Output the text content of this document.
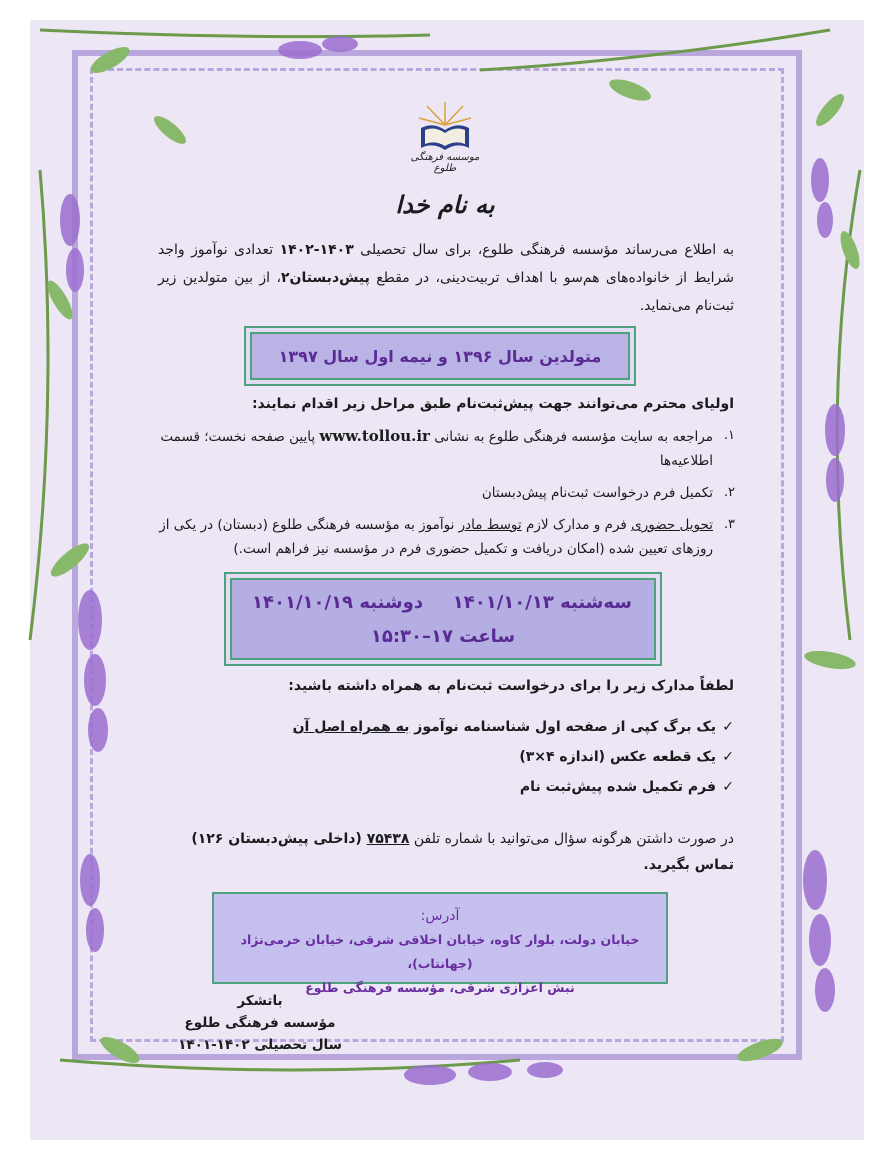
موسسه فرهنگی طلوع
به نام خدا
به اطلاع می‌رساند مؤسسه فرهنگی طلوع، برای سال تحصیلی ۱۴۰۳-۱۴۰۲ تعدادی نوآموز واجد شرایط از خانواده‌های هم‌سو با اهداف تربیت‌دینی، در مقطع پیش‌دبستان۲، از بین متولدین زیر ثبت‌نام می‌نماید.
متولدین سال ۱۳۹۶ و نیمه اول سال ۱۳۹۷
اولیای محترم می‌توانند جهت پیش‌ثبت‌نام طبق مراحل زیر اقدام نمایند:
۱.
مراجعه به سایت مؤسسه فرهنگی طلوع به نشانی www.tollou.ir پایین صفحه نخست؛ قسمت اطلاعیه‌ها
۲.
تکمیل فرم درخواست ثبت‌نام پیش‌دبستان
۳.
تحویل حضوری فرم و مدارک لازم توسط مادر نوآموز به مؤسسه فرهنگی طلوع (دبستان) در یکی از روزهای تعیین شده (امکان دریافت و تکمیل حضوری فرم در مؤسسه نیز فراهم است.)
سه‌شنبه ۱۴۰۱/۱۰/۱۳
دوشنبه ۱۴۰۱/۱۰/۱۹
ساعت ۱۷–۱۵:۳۰
لطفاً مدارک زیر را برای درخواست ثبت‌نام به همراه داشته باشید:
✓یک برگ کپی از صفحه اول شناسنامه نوآموز به همراه اصل آن
✓یک قطعه عکس (اندازه ۴×۳)
✓فرم تکمیل شده پیش‌ثبت نام
در صورت داشتن هرگونه سؤال می‌توانید با شماره تلفن ۷۵۴۳۸ (داخلی پیش‌دبستان ۱۲۶) تماس بگیرید.
آدرس:
خیابان دولت، بلوار کاوه، خیابان اخلاقی شرقی، خیابان خرمی‌نژاد (جهانتاب)،
نبش اعزازی شرقی، مؤسسه فرهنگی طلوع
باتشکر
مؤسسه فرهنگی طلوع
سال تحصیلی ۱۴۰۲-۱۴۰۱
